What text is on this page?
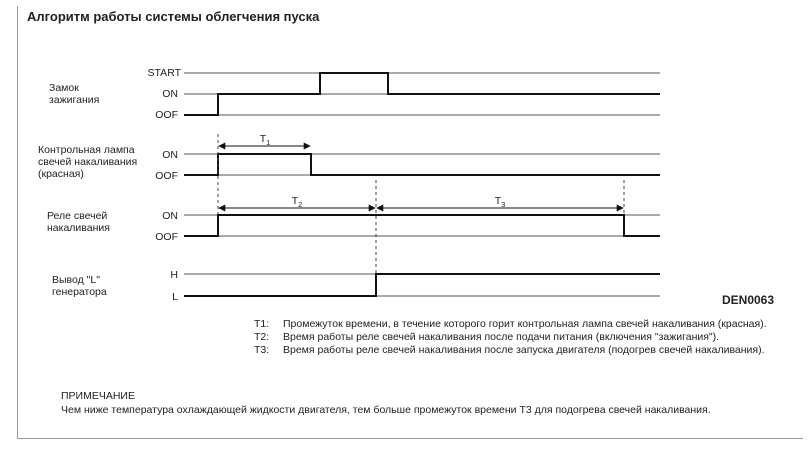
Алгоритм работы системы облегчения пуска
Замок зажигания
Контрольная лампа свечей накаливания (красная)
Реле свечей накаливания
Вывод "L" генератора
START
ON
OOF
ON
OOF
ON
OOF
H
L
$T_1$
$T_2$	$T_3$
DEN0063
T1:	Промежуток времени, в течение которого горит контрольная лампа свечей накаливания (красная).
T2:	Время работы реле свечей накаливания после подачи питания (включения "зажигания").
T3:	Время работы реле свечей накаливания после запуска двигателя (подогрев свечей накаливания).
ПРИМЕЧАНИЕ
Чем ниже температура охлаждающей жидкости двигателя, тем больше промежуток времени Т3 для подогрева свечей накаливания.
